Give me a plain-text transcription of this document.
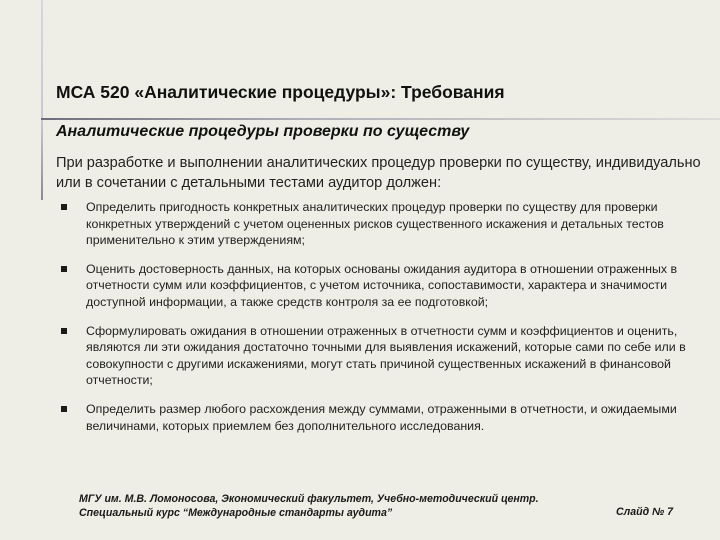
МСА 520 «Аналитические процедуры»: Требования
Аналитические процедуры проверки по существу
При разработке и выполнении аналитических процедур проверки по существу, индивидуально или в сочетании с детальными тестами аудитор должен:
Определить пригодность конкретных аналитических процедур проверки по существу для проверки конкретных утверждений с учетом оцененных рисков существенного искажения и детальных тестов применительно к этим утверждениям;
Оценить достоверность данных, на которых основаны ожидания аудитора в отношении отраженных в отчетности сумм или коэффициентов, с учетом источника, сопоставимости, характера и значимости доступной информации, а также средств контроля за ее подготовкой;
Сформулировать ожидания в отношении отраженных в отчетности сумм и коэффициентов и оценить, являются ли эти ожидания достаточно точными для выявления искажений, которые сами по себе или в совокупности с другими искажениями, могут стать причиной существенных искажений в финансовой отчетности;
Определить размер любого расхождения между суммами, отраженными в отчетности, и ожидаемыми величинами, которых приемлем без дополнительного исследования.
МГУ им. М.В. Ломоносова, Экономический факультет, Учебно-методический центр. Специальный курс “Международные стандарты аудита”	Слайд № 7
